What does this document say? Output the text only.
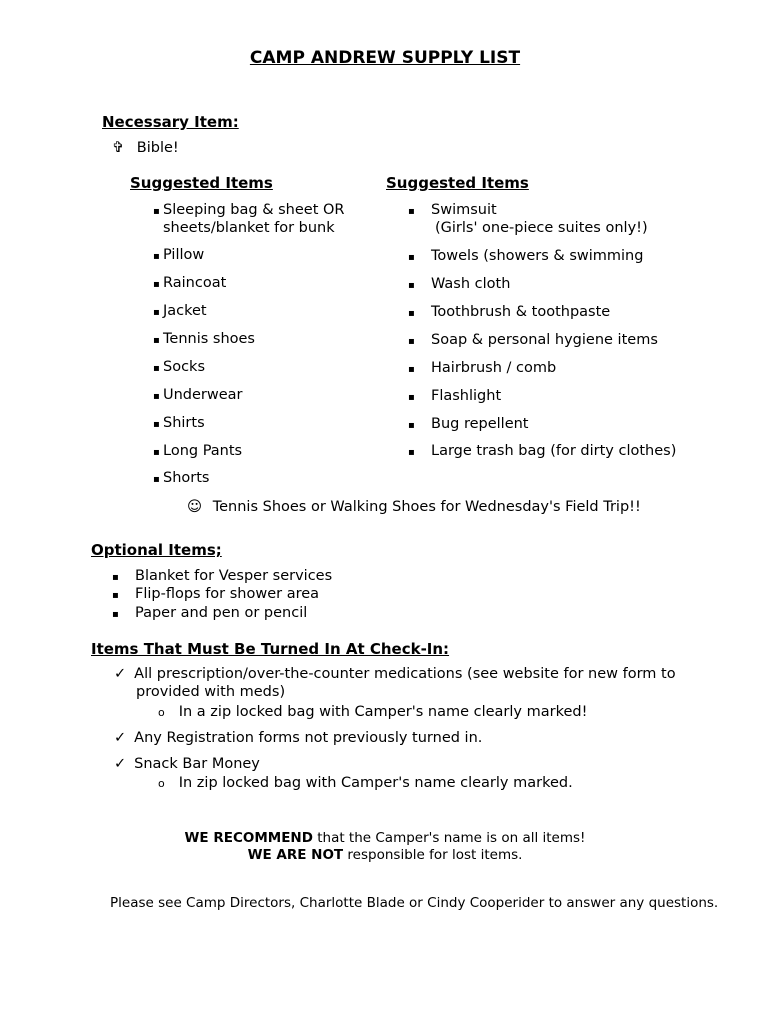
CAMP ANDREW SUPPLY LIST
Necessary Item:
✞ Bible!
Suggested Items
▪ Sleeping bag & sheet OR
sheets/blanket for bunk
▪ Pillow
▪ Raincoat
▪ Jacket
▪ Tennis shoes
▪ Socks
▪ Underwear
▪ Shirts
▪ Long Pants
▪ Shorts
Suggested Items
▪ Swimsuit
(Girls' one-piece suites only!)
▪ Towels (showers & swimming
▪ Wash cloth
▪ Toothbrush & toothpaste
▪ Soap & personal hygiene items
▪ Hairbrush / comb
▪ Flashlight
▪ Bug repellent
▪ Large trash bag (for dirty clothes)
☺ Tennis Shoes or Walking Shoes for Wednesday's Field Trip!!
Optional Items;
▪ Blanket for Vesper services
▪ Flip-flops for shower area
▪ Paper and pen or pencil
Items That Must Be Turned In At Check-In:
✓ All prescription/over-the-counter medications (see website for new form to
provided with meds)
o In a zip locked bag with Camper's name clearly marked!
✓ Any Registration forms not previously turned in.
✓ Snack Bar Money
o In zip locked bag with Camper's name clearly marked.
WE RECOMMEND that the Camper's name is on all items!
WE ARE NOT responsible for lost items.
Please see Camp Directors, Charlotte Blade or Cindy Cooperider to answer any questions.
